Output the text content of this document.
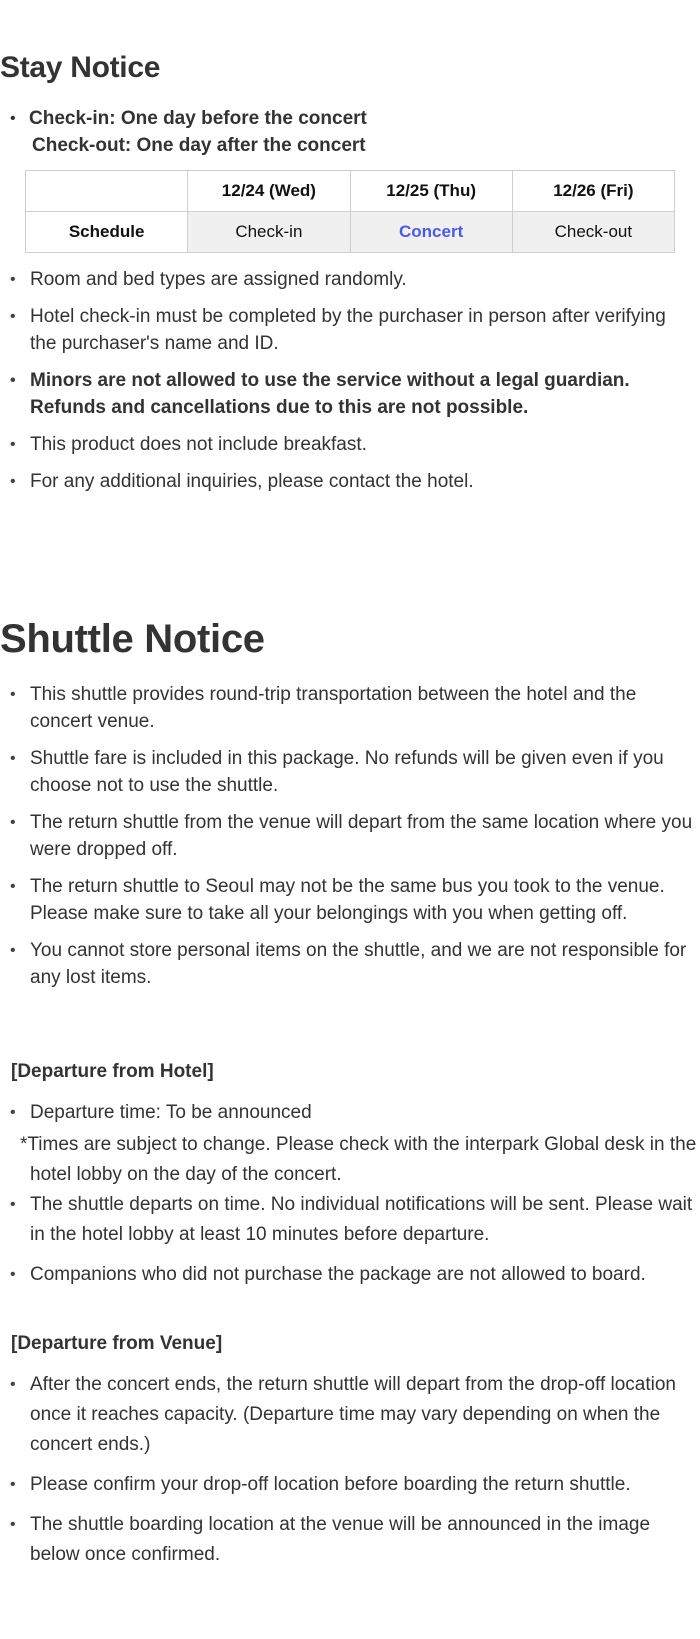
Stay Notice
• Check-in: One day before the concert
Check-out: One day after the concert
	12/24 (Wed)	12/25 (Thu)	12/26 (Fri)
Schedule	Check-in	Concert	Check-out
• Room and bed types are assigned randomly.
• Hotel check-in must be completed by the purchaser in person after verifying the purchaser's name and ID.
• Minors are not allowed to use the service without a legal guardian. Refunds and cancellations due to this are not possible.
• This product does not include breakfast.
• For any additional inquiries, please contact the hotel.
Shuttle Notice
• This shuttle provides round-trip transportation between the hotel and the concert venue.
• Shuttle fare is included in this package. No refunds will be given even if you choose not to use the shuttle.
• The return shuttle from the venue will depart from the same location where you were dropped off.
• The return shuttle to Seoul may not be the same bus you took to the venue. Please make sure to take all your belongings with you when getting off.
• You cannot store personal items on the shuttle, and we are not responsible for any lost items.
[Departure from Hotel]
• Departure time: To be announced
*Times are subject to change. Please check with the interpark Global desk in the hotel lobby on the day of the concert.
• The shuttle departs on time. No individual notifications will be sent. Please wait in the hotel lobby at least 10 minutes before departure.
• Companions who did not purchase the package are not allowed to board.
[Departure from Venue]
• After the concert ends, the return shuttle will depart from the drop-off location once it reaches capacity. (Departure time may vary depending on when the concert ends.)
• Please confirm your drop-off location before boarding the return shuttle.
• The shuttle boarding location at the venue will be announced in the image below once confirmed.
